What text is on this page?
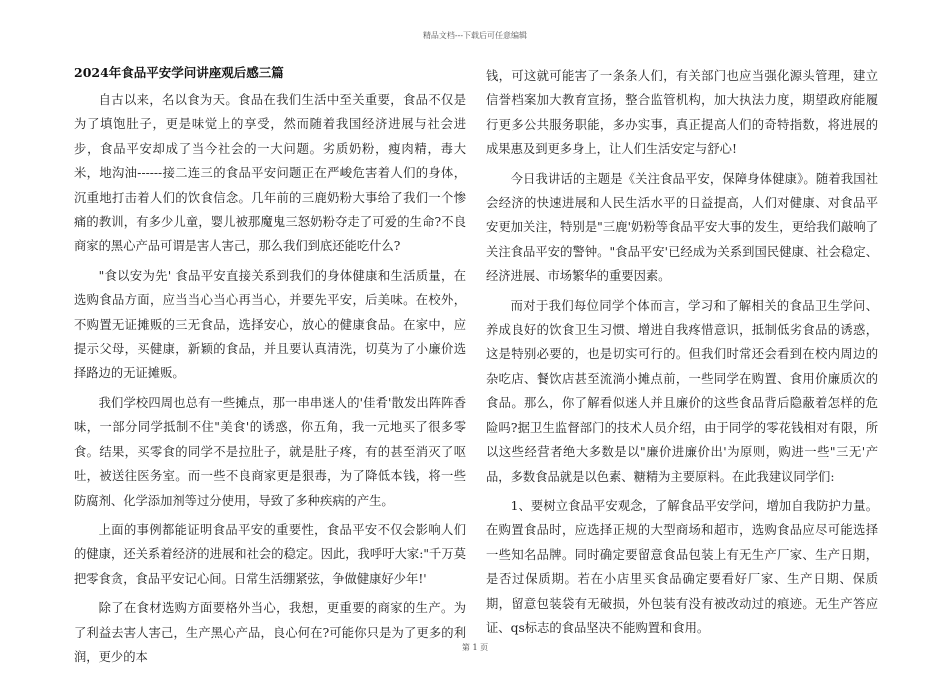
精品文档---下载后可任意编辑
2024年食品平安学问讲座观后感三篇

自古以来，名以食为天。食品在我们生活中至关重要，食品不仅是为了填饱肚子，更是味觉上的享受，然而随着我国经济进展与社会进步，食品平安却成了当今社会的一大问题。劣质奶粉，瘦肉精，毒大米，地沟油------接二连三的食品平安问题正在严峻危害着人们的身体，沉重地打击着人们的饮食信念。几年前的三鹿奶粉大事给了我们一个惨痛的教训，有多少儿童，婴儿被那魔鬼三怒奶粉夺走了可爱的生命?不良商家的黑心产品可谓是害人害己，那么我们到底还能吃什么?

"食以安为先' 食品平安直接关系到我们的身体健康和生活质量，在选购食品方面，应当当心当心再当心，并要先平安，后美味。在校外，不购置无证摊贩的三无食品，选择安心，放心的健康食品。在家中，应提示父母，买健康，新颖的食品，并且要认真清洗，切莫为了小廉价选择路边的无证摊贩。

我们学校四周也总有一些摊点，那一串串迷人的'佳肴'散发出阵阵香味，一部分同学抵制不住"美食'的诱惑，你五角，我一元地买了很多零食。结果，买零食的同学不是拉肚子，就是肚子疼，有的甚至消灭了呕吐，被送往医务室。而一些不良商家更是狠毒，为了降低本钱，将一些防腐剂、化学添加剂等过分使用，导致了多种疾病的产生。

上面的事例都能证明食品平安的重要性，食品平安不仅会影响人们的健康，还关系着经济的进展和社会的稳定。因此，我呼吁大家:"千万莫把零食贪，食品平安记心间。日常生活绷紧弦，争做健康好少年!'

除了在食材选购方面要格外当心，我想，更重要的商家的生产。为了利益去害人害己，生产黑心产品，良心何在?可能你只是为了更多的利润，更少的本

钱，可这就可能害了一条条人们，有关部门也应当强化源头管理，建立信誉档案加大教育宣扬，整合监管机构，加大执法力度，期望政府能履行更多公共服务职能，多办实事，真正提高人们的奇特指数，将进展的成果惠及到更多身上，让人们生活安定与舒心!

今日我讲话的主题是《关注食品平安，保障身体健康》。随着我国社会经济的快速进展和人民生活水平的日益提高，人们对健康、对食品平安更加关注，特别是"三鹿'奶粉等食品平安大事的发生，更给我们敲响了关注食品平安的警钟。"食品平安'已经成为关系到国民健康、社会稳定、经济进展、市场繁华的重要因素。

而对于我们每位同学个体而言，学习和了解相关的食品卫生学问、养成良好的饮食卫生习惯、增进自我疼惜意识，抵制低劣食品的诱惑，这是特别必要的，也是切实可行的。但我们时常还会看到在校内周边的杂吃店、餐饮店甚至流淌小摊点前，一些同学在购置、食用价廉质次的食品。那么，你了解看似迷人并且廉价的这些食品背后隐蔽着怎样的危险吗?据卫生监督部门的技术人员介绍，由于同学的零花钱相对有限，所以这些经营者绝大多数是以"廉价进廉价出'为原则，购进一些"三无'产品，多数食品就是以色素、糖精为主要原料。在此我建议同学们:

1、要树立食品平安观念，了解食品平安学问，增加自我防护力量。在购置食品时，应选择正规的大型商场和超市，选购食品应尽可能选择一些知名品牌。同时确定要留意食品包装上有无生产厂家、生产日期，是否过保质期。若在小店里买食品确定要看好厂家、生产日期、保质期，留意包装袋有无破损，外包装有没有被改动过的痕迹。无生产答应证、qs标志的食品坚决不能购置和食用。

第 1 页
